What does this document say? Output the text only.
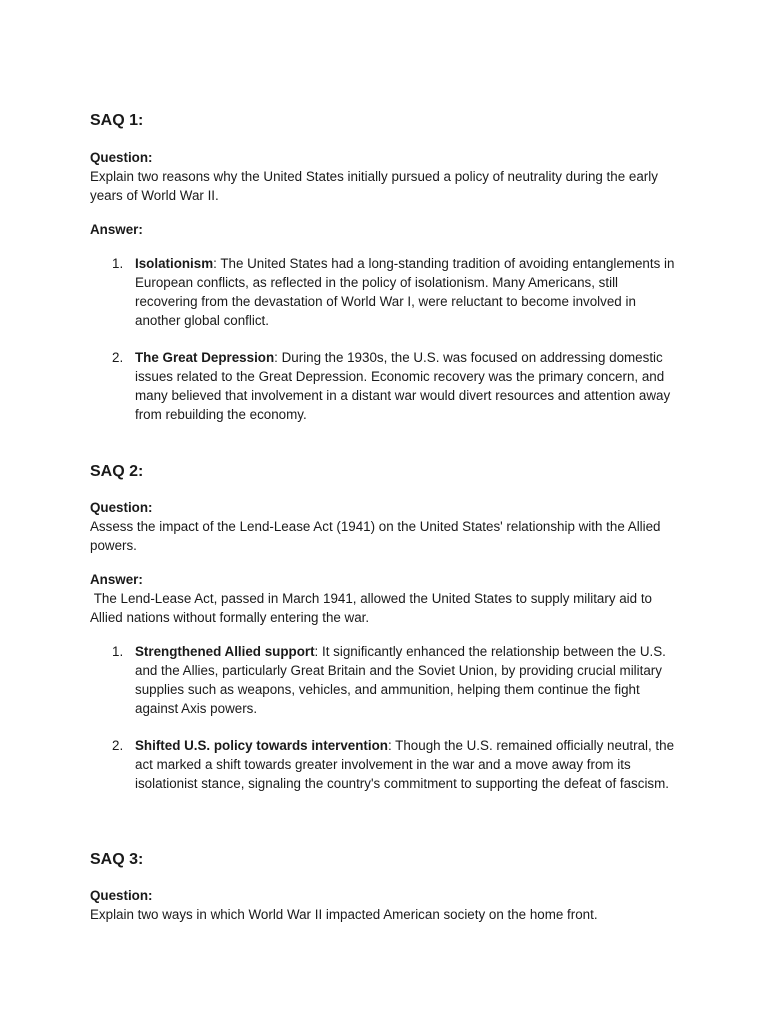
SAQ 1:

Question:

Explain two reasons why the United States initially pursued a policy of neutrality during the early years of World War II.

Answer:

1. Isolationism: The United States had a long-standing tradition of avoiding entanglements in European conflicts, as reflected in the policy of isolationism. Many Americans, still recovering from the devastation of World War I, were reluctant to become involved in another global conflict.
2. The Great Depression: During the 1930s, the U.S. was focused on addressing domestic issues related to the Great Depression. Economic recovery was the primary concern, and many believed that involvement in a distant war would divert resources and attention away from rebuilding the economy.
SAQ 2:

Question:

Assess the impact of the Lend-Lease Act (1941) on the United States' relationship with the Allied powers.

Answer:

The Lend-Lease Act, passed in March 1941, allowed the United States to supply military aid to Allied nations without formally entering the war.

1. Strengthened Allied support: It significantly enhanced the relationship between the U.S. and the Allies, particularly Great Britain and the Soviet Union, by providing crucial military supplies such as weapons, vehicles, and ammunition, helping them continue the fight against Axis powers.
2. Shifted U.S. policy towards intervention: Though the U.S. remained officially neutral, the act marked a shift towards greater involvement in the war and a move away from its isolationist stance, signaling the country's commitment to supporting the defeat of fascism.
SAQ 3:

Question:

Explain two ways in which World War II impacted American society on the home front.
